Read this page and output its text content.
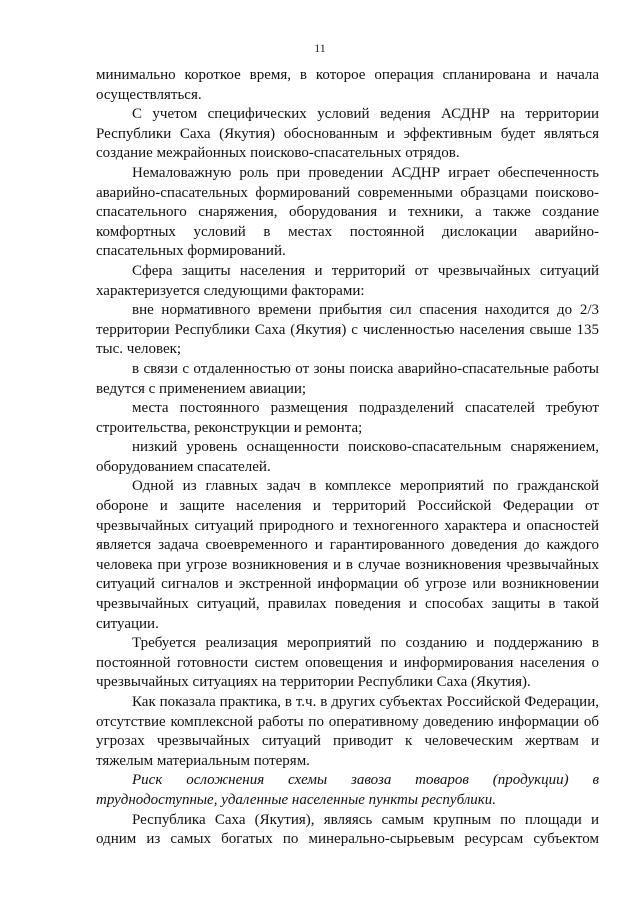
11

минимально короткое время, в которое операция спланирована и начала осуществляться.

С учетом специфических условий ведения АСДНР на территории Республики Саха (Якутия) обоснованным и эффективным будет являться создание межрайонных поисково-спасательных отрядов.

Немаловажную роль при проведении АСДНР играет обеспеченность аварийно-спасательных формирований современными образцами поисково-спасательного снаряжения, оборудования и техники, а также создание комфортных условий в местах постоянной дислокации аварийно-спасательных формирований.

Сфера защиты населения и территорий от чрезвычайных ситуаций характеризуется следующими факторами:

вне нормативного времени прибытия сил спасения находится до 2/3 территории Республики Саха (Якутия) с численностью населения свыше 135 тыс. человек;

в связи с отдаленностью от зоны поиска аварийно-спасательные работы ведутся с применением авиации;

места постоянного размещения подразделений спасателей требуют строительства, реконструкции и ремонта;

низкий уровень оснащенности поисково-спасательным снаряжением, оборудованием спасателей.

Одной из главных задач в комплексе мероприятий по гражданской обороне и защите населения и территорий Российской Федерации от чрезвычайных ситуаций природного и техногенного характера и опасностей является задача своевременного и гарантированного доведения до каждого человека при угрозе возникновения и в случае возникновения чрезвычайных ситуаций сигналов и экстренной информации об угрозе или возникновении чрезвычайных ситуаций, правилах поведения и способах защиты в такой ситуации.

Требуется реализация мероприятий по созданию и поддержанию в постоянной готовности систем оповещения и информирования населения о чрезвычайных ситуациях на территории Республики Саха (Якутия).

Как показала практика, в т.ч. в других субъектах Российской Федерации, отсутствие комплексной работы по оперативному доведению информации об угрозах чрезвычайных ситуаций приводит к человеческим жертвам и тяжелым материальным потерям.

Риск осложнения схемы завоза товаров (продукции) в труднодоступные, удаленные населенные пункты республики.

Республика Саха (Якутия), являясь самым крупным по площади и одним из самых богатых по минерально-сырьевым ресурсам субъектом
